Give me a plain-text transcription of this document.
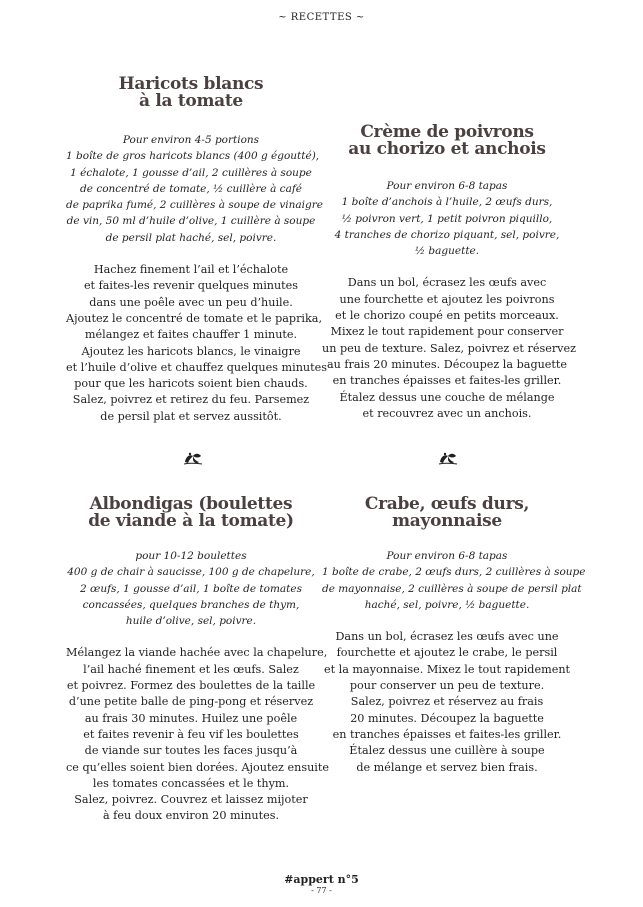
~ RECETTES ~
Haricots blancs
à la tomate
Pour environ 4-5 portions
1 boîte de gros haricots blancs (400 g égoutté),
1 échalote, 1 gousse d’ail, 2 cuillères à soupe
de concentré de tomate, ½ cuillère à café
de paprika fumé, 2 cuillères à soupe de vinaigre
de vin, 50 ml d’huile d’olive, 1 cuillère à soupe
de persil plat haché, sel, poivre.
Hachez finement l’ail et l’échalote
et faites-les revenir quelques minutes
dans une poêle avec un peu d’huile.
Ajoutez le concentré de tomate et le paprika,
mélangez et faites chauffer 1 minute.
Ajoutez les haricots blancs, le vinaigre
et l’huile d’olive et chauffez quelques minutes
pour que les haricots soient bien chauds.
Salez, poivrez et retirez du feu. Parsemez
de persil plat et servez aussitôt.
Crème de poivrons
au chorizo et anchois
Pour environ 6-8 tapas
1 boîte d’anchois à l’huile, 2 œufs durs,
½ poivron vert, 1 petit poivron piquillo,
4 tranches de chorizo piquant, sel, poivre,
½ baguette.
Dans un bol, écrasez les œufs avec
une fourchette et ajoutez les poivrons
et le chorizo coupé en petits morceaux.
Mixez le tout rapidement pour conserver
un peu de texture. Salez, poivrez et réservez
au frais 20 minutes. Découpez la baguette
en tranches épaisses et faites-les griller.
Étalez dessus une couche de mélange
et recouvrez avec un anchois.
Albondigas (boulettes
de viande à la tomate)
pour 10-12 boulettes
400 g de chair à saucisse, 100 g de chapelure,
2 œufs, 1 gousse d’ail, 1 boîte de tomates
concassées, quelques branches de thym,
huile d’olive, sel, poivre.
Mélangez la viande hachée avec la chapelure,
l’ail haché finement et les œufs. Salez
et poivrez. Formez des boulettes de la taille
d’une petite balle de ping-pong et réservez
au frais 30 minutes. Huilez une poêle
et faites revenir à feu vif les boulettes
de viande sur toutes les faces jusqu’à
ce qu’elles soient bien dorées. Ajoutez ensuite
les tomates concassées et le thym.
Salez, poivrez. Couvrez et laissez mijoter
à feu doux environ 20 minutes.
Crabe, œufs durs,
mayonnaise
Pour environ 6-8 tapas
1 boîte de crabe, 2 œufs durs, 2 cuillères à soupe
de mayonnaise, 2 cuillères à soupe de persil plat
haché, sel, poivre, ½ baguette.
Dans un bol, écrasez les œufs avec une
fourchette et ajoutez le crabe, le persil
et la mayonnaise. Mixez le tout rapidement
pour conserver un peu de texture.
Salez, poivrez et réservez au frais
20 minutes. Découpez la baguette
en tranches épaisses et faites-les griller.
Étalez dessus une cuillère à soupe
de mélange et servez bien frais.
#appert n°5
- 77 -
